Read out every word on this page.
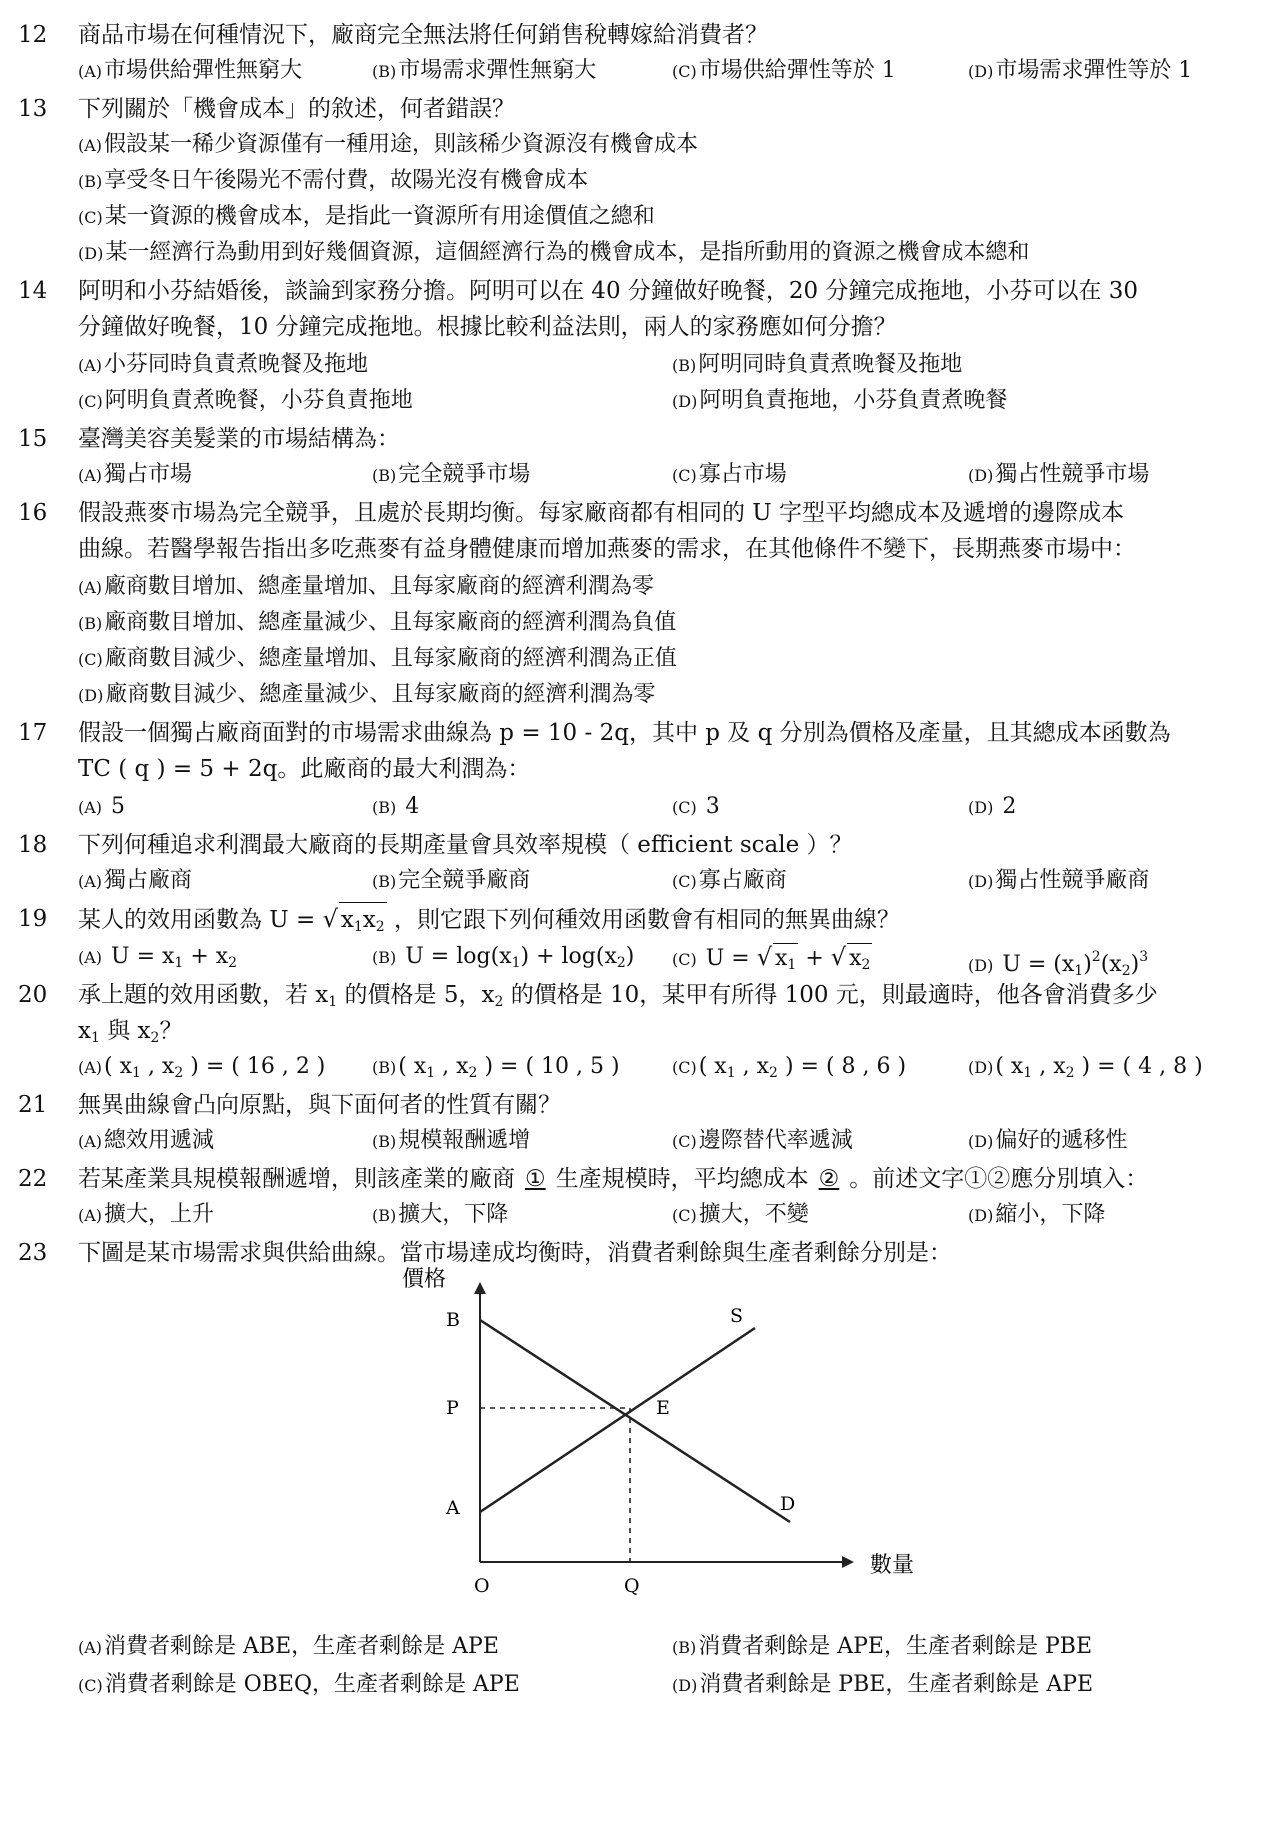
12	商品市場在何種情況下，廠商完全無法將任何銷售稅轉嫁給消費者？
(A)市場供給彈性無窮大	(B)市場需求彈性無窮大	(C)市場供給彈性等於 1	(D)市場需求彈性等於 1
13	下列關於「機會成本」的敘述，何者錯誤？
(A)假設某一稀少資源僅有一種用途，則該稀少資源沒有機會成本
(B)享受冬日午後陽光不需付費，故陽光沒有機會成本
(C)某一資源的機會成本，是指此一資源所有用途價值之總和
(D)某一經濟行為動用到好幾個資源，這個經濟行為的機會成本，是指所動用的資源之機會成本總和
14	阿明和小芬結婚後，談論到家務分擔。阿明可以在 40 分鐘做好晚餐，20 分鐘完成拖地，小芬可以在 30
分鐘做好晚餐，10 分鐘完成拖地。根據比較利益法則，兩人的家務應如何分擔？
(A)小芬同時負責煮晚餐及拖地	(B)阿明同時負責煮晚餐及拖地
(C)阿明負責煮晚餐，小芬負責拖地	(D)阿明負責拖地，小芬負責煮晚餐
15	臺灣美容美髮業的市場結構為：
(A)獨占市場	(B)完全競爭市場	(C)寡占市場	(D)獨占性競爭市場
16	假設燕麥市場為完全競爭，且處於長期均衡。每家廠商都有相同的 U 字型平均總成本及遞增的邊際成本
曲線。若醫學報告指出多吃燕麥有益身體健康而增加燕麥的需求，在其他條件不變下，長期燕麥市場中：
(A)廠商數目增加、總產量增加、且每家廠商的經濟利潤為零
(B)廠商數目增加、總產量減少、且每家廠商的經濟利潤為負值
(C)廠商數目減少、總產量增加、且每家廠商的經濟利潤為正值
(D)廠商數目減少、總產量減少、且每家廠商的經濟利潤為零
17	假設一個獨占廠商面對的市場需求曲線為 p = 10 - 2q，其中 p 及 q 分別為價格及產量，且其總成本函數為
TC ( q ) = 5 + 2q。此廠商的最大利潤為：
(A) 5	(B) 4	(C) 3	(D) 2
18	下列何種追求利潤最大廠商的長期產量會具效率規模（ efficient scale ）？
(A)獨占廠商	(B)完全競爭廠商	(C)寡占廠商	(D)獨占性競爭廠商
19	某人的效用函數為 U = √ $x_1x_2$ ，則它跟下列何種效用函數會有相同的無異曲線？
(A) $U = x_1 + x_2$	(B) $U = \log(x_1) + \log(x_2)$ (C) U = √ $x_1$ + √ $x_2$	(D) $U = (x_1)^2(x_2)^3$
20	承上題的效用函數，若 $x_1$ 的價格是 5，$x_2$ 的價格是 10，某甲有所得 100 元，則最適時，他各會消費多少
$x_1$ 與 $x_2$？
(A)( $x_1$ , $x_2$ ) = ( 16 , 2 )	(B)( $x_1$ , $x_2$ ) = ( 10 , 5 )	(C)( $x_1$ , $x_2$ ) = ( 8 , 6 )	(D)( $x_1$ , $x_2$ ) = ( 4 , 8 )
21	無異曲線會凸向原點，與下面何者的性質有關？
(A)總效用遞減	(B)規模報酬遞增	(C)邊際替代率遞減	(D)偏好的遞移性
22	若某產業具規模報酬遞增，則該產業的廠商 ① 生產規模時，平均總成本 ② 。前述文字①②應分別填入：
(A)擴大，上升	(B)擴大，下降	(C)擴大，不變	(D)縮小，下降
23	下圖是某市場需求與供給曲線。當市場達成均衡時，消費者剩餘與生產者剩餘分別是：
價格
數量
B
P
A
O	Q
E
S
D
(A)消費者剩餘是 ABE，生產者剩餘是 APE	(B)消費者剩餘是 APE，生產者剩餘是 PBE
(C)消費者剩餘是 OBEQ，生產者剩餘是 APE	(D)消費者剩餘是 PBE，生產者剩餘是 APE
